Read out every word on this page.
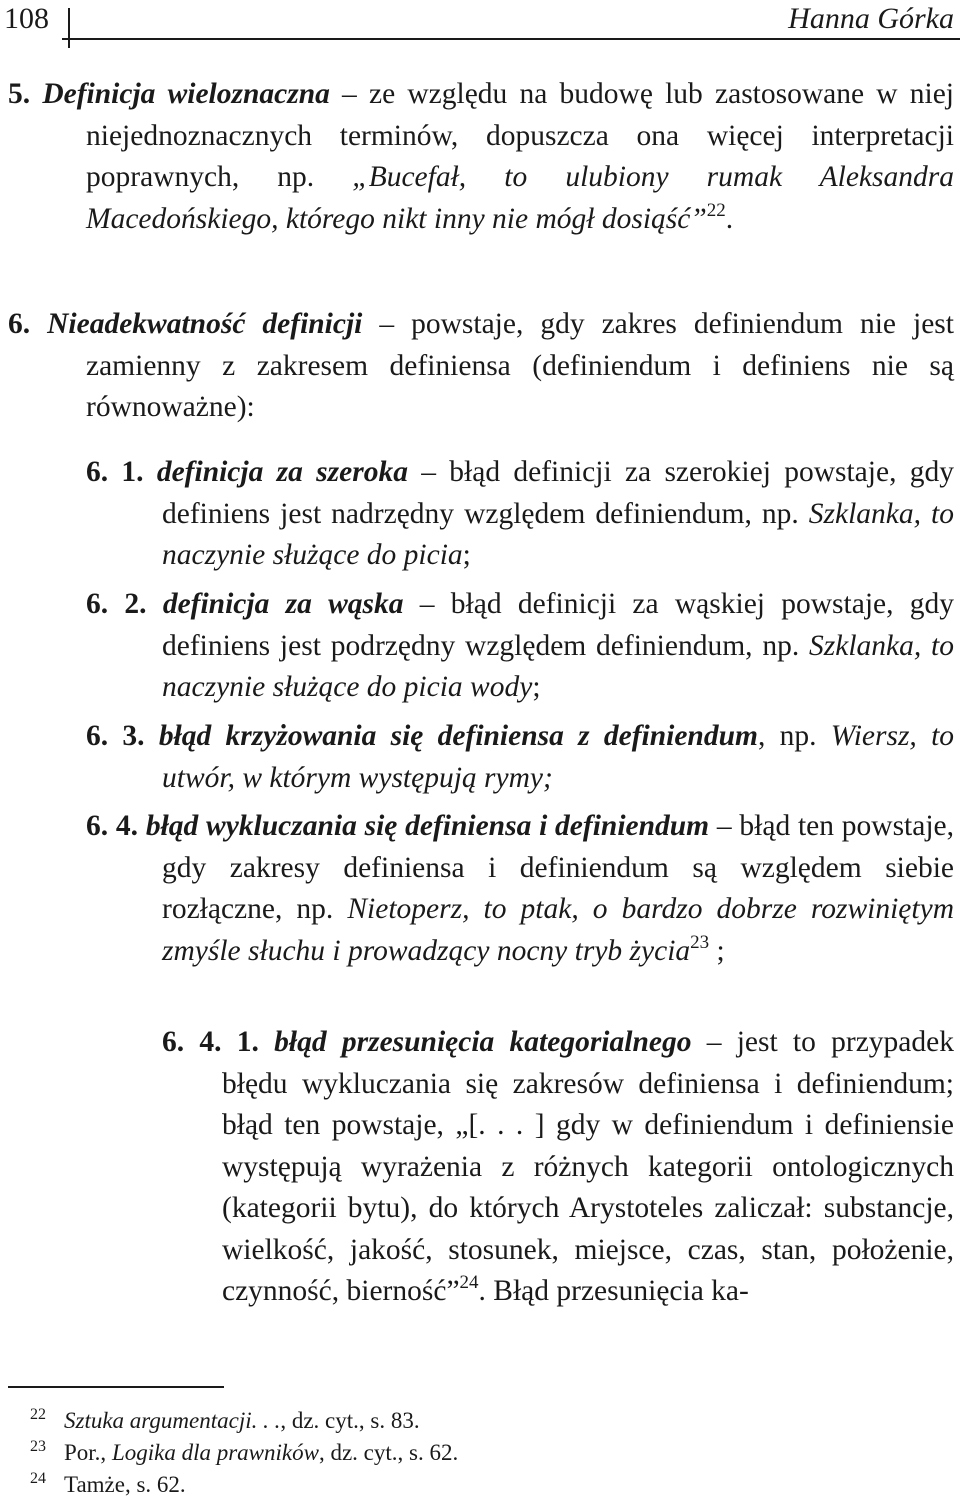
108	Hanna Górka

5. Definicja wieloznaczna – ze względu na budowę lub zastosowane w niej niejednoznacznych terminów, dopuszcza ona więcej interpretacji poprawnych, np. „Bucefał, to ulubiony rumak Aleksandra Macedońskiego, którego nikt inny nie mógł dosiąść”$^{22}$.

6. Nieadekwatność definicji – powstaje, gdy zakres definiendum nie jest zamienny z zakresem definiensa (definiendum i definiens nie są równoważne):

6. 1. definicja za szeroka – błąd definicji za szerokiej powstaje, gdy definiens jest nadrzędny względem definiendum, np. Szklanka, to naczynie służące do picia;

6. 2. definicja za wąska – błąd definicji za wąskiej powstaje, gdy definiens jest podrzędny względem definiendum, np. Szklanka, to naczynie służące do picia wody;

6. 3. błąd krzyżowania się definiensa z definiendum, np. Wiersz, to utwór, w którym występują rymy;

6. 4. błąd wykluczania się definiensa i definiendum – błąd ten powstaje, gdy zakresy definiensa i definiendum są względem siebie rozłączne, np. Nietoperz, to ptak, o bardzo dobrze rozwiniętym zmyśle słuchu i prowadzący nocny tryb życia$^{23}$ ;

6. 4. 1. błąd przesunięcia kategorialnego – jest to przypadek błędu wykluczania się zakresów definiensa i definiendum; błąd ten powstaje, „[. . . ] gdy w definiendum i definiensie występują wyrażenia z różnych kategorii ontologicznych (kategorii bytu), do których Arystoteles zaliczał: substancje, wielkość, jakość, stosunek, miejsce, czas, stan, położenie, czynność, bierność”$^{24}$. Błąd przesunięcia ka-

22 Sztuka argumentacji. . ., dz. cyt., s. 83.
23 Por., Logika dla prawników, dz. cyt., s. 62.
24 Tamże, s. 62.
